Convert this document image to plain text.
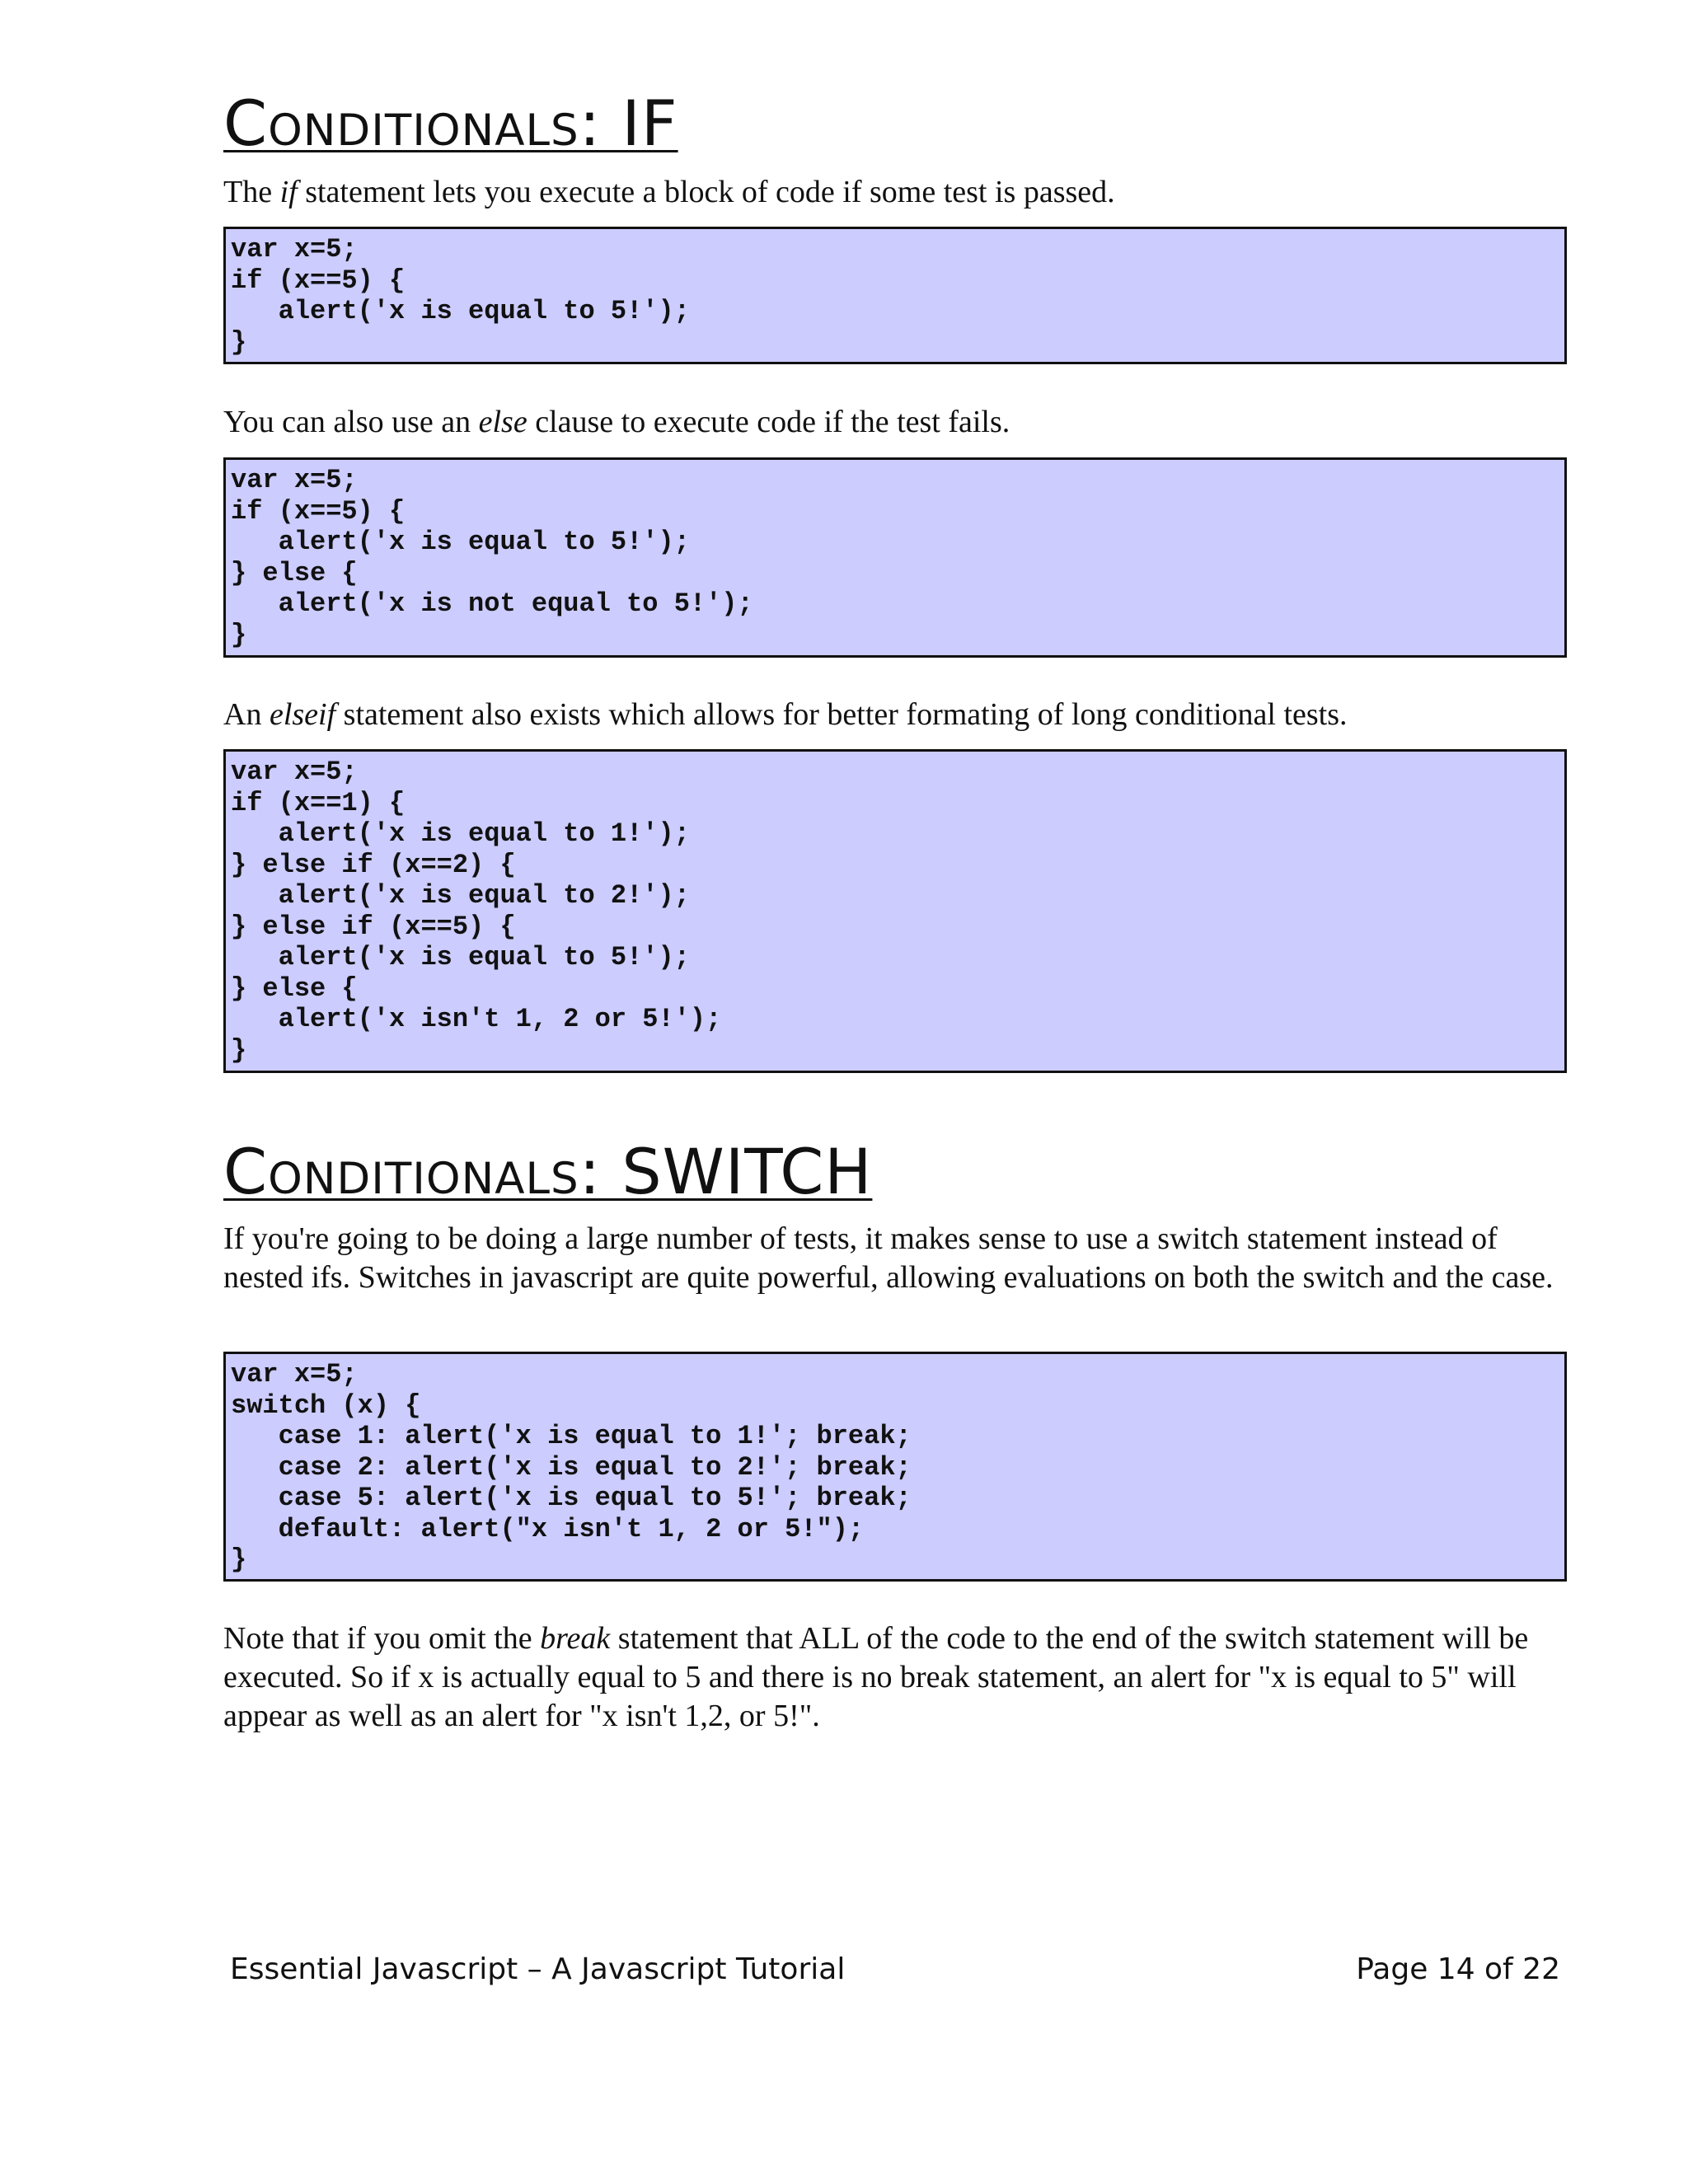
Conditionals: IF

The if statement lets you execute a block of code if some test is passed.

var x=5;
if (x==5) {
alert('x is equal to 5!');
}

You can also use an else clause to execute code if the test fails.

var x=5;
if (x==5) {
alert('x is equal to 5!');
} else {
alert('x is not equal to 5!');
}

An elseif statement also exists which allows for better formating of long conditional tests.

var x=5;
if (x==1) {
alert('x is equal to 1!');
} else if (x==2) {
alert('x is equal to 2!');
} else if (x==5) {
alert('x is equal to 5!');
} else {
alert('x isn't 1, 2 or 5!');
}
Conditionals: SWITCH

If you're going to be doing a large number of tests, it makes sense to use a switch statement instead of nested ifs. Switches in javascript are quite powerful, allowing evaluations on both the switch and the case.

var x=5;
switch (x) {
case 1: alert('x is equal to 1!'; break;
case 2: alert('x is equal to 2!'; break;
case 5: alert('x is equal to 5!'; break;
default: alert("x isn't 1, 2 or 5!");
}

Note that if you omit the break statement that ALL of the code to the end of the switch statement will be executed. So if x is actually equal to 5 and there is no break statement, an alert for "x is equal to 5" will appear as well as an alert for "x isn't 1,2, or 5!".

Essential Javascript – A Javascript Tutorial	Page 14 of 22
